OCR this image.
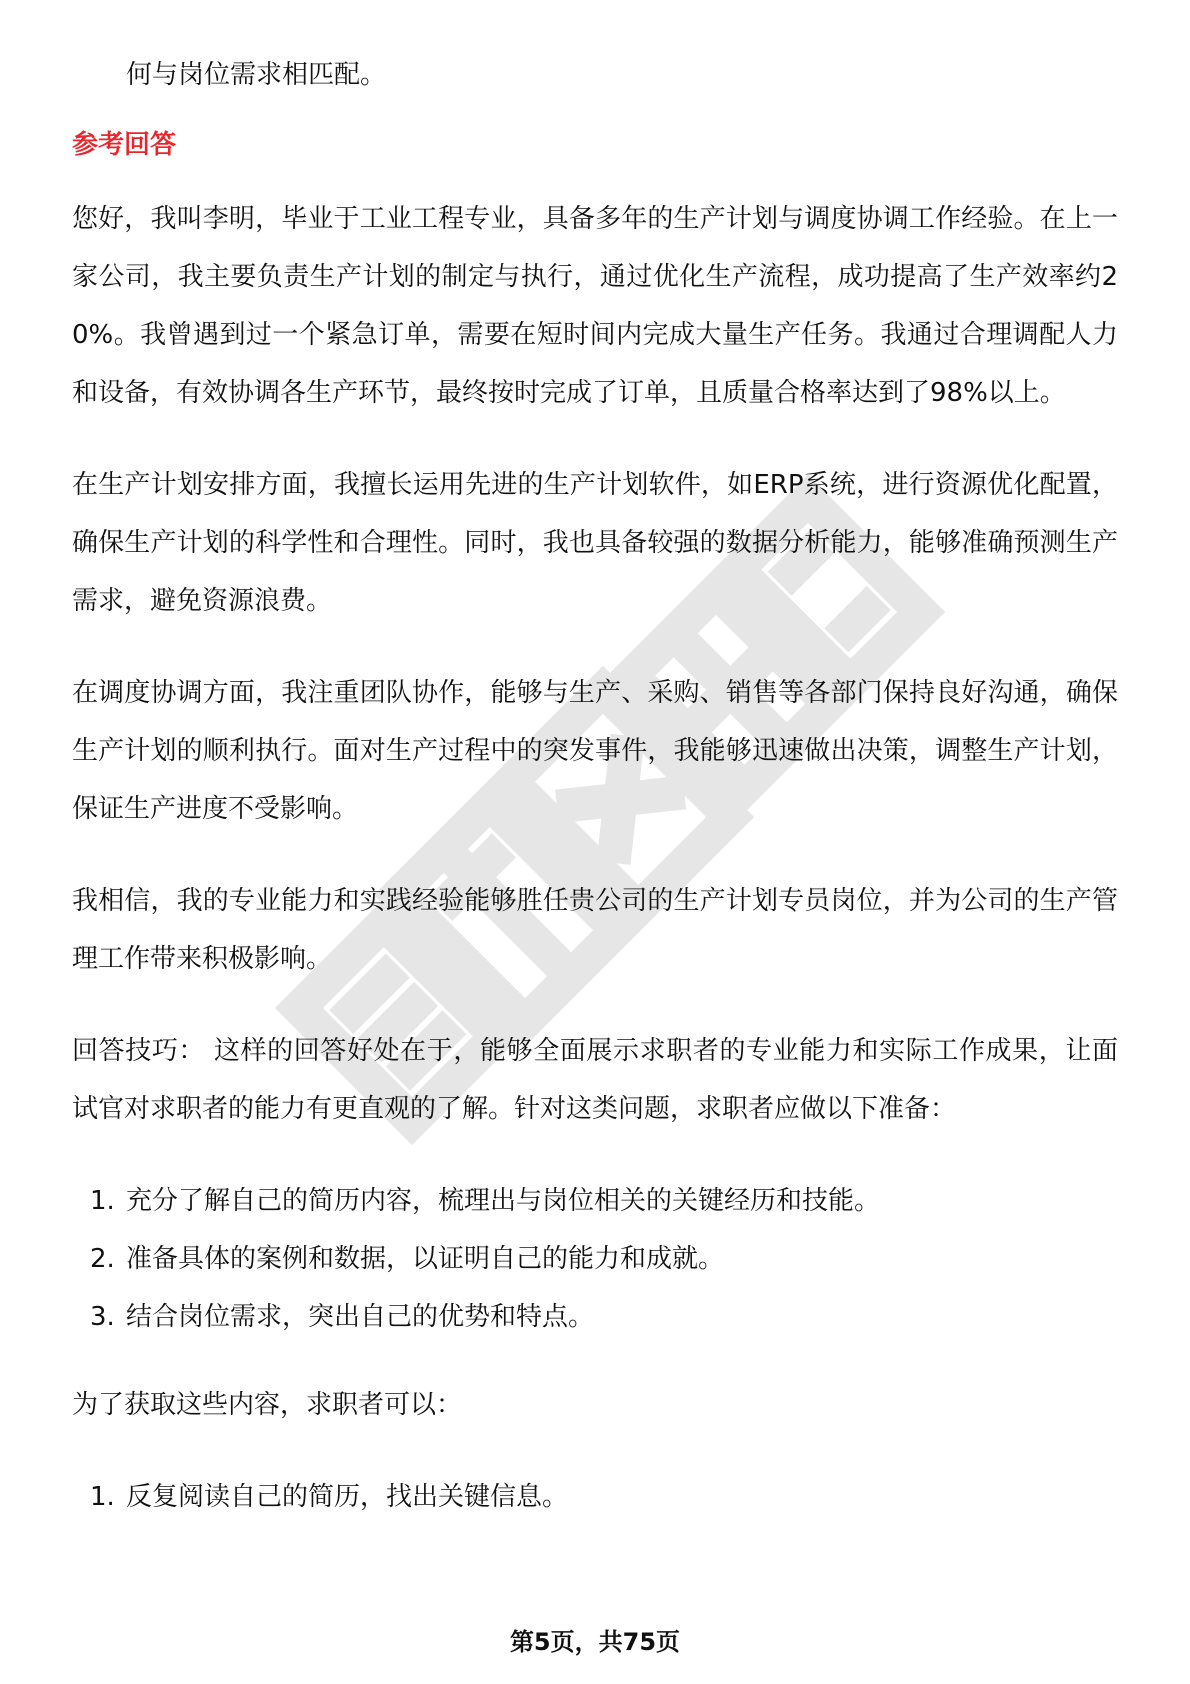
何与岗位需求相匹配。
参考回答

您好，我叫李明，毕业于工业工程专业，具备多年的生产计划与调度协调工作经验。在上一家公司，我主要负责生产计划的制定与执行，通过优化生产流程，成功提高了生产效率约20%。我曾遇到过一个紧急订单，需要在短时间内完成大量生产任务。我通过合理调配人力和设备，有效协调各生产环节，最终按时完成了订单，且质量合格率达到了98%以上。

在生产计划安排方面，我擅长运用先进的生产计划软件，如ERP系统，进行资源优化配置，确保生产计划的科学性和合理性。同时，我也具备较强的数据分析能力，能够准确预测生产需求，避免资源浪费。

在调度协调方面，我注重团队协作，能够与生产、采购、销售等各部门保持良好沟通，确保生产计划的顺利执行。面对生产过程中的突发事件，我能够迅速做出决策，调整生产计划，保证生产进度不受影响。

我相信，我的专业能力和实践经验能够胜任贵公司的生产计划专员岗位，并为公司的生产管理工作带来积极影响。

回答技巧： 这样的回答好处在于，能够全面展示求职者的专业能力和实际工作成果，让面试官对求职者的能力有更直观的了解。针对这类问题，求职者应做以下准备：

1. 充分了解自己的简历内容，梳理出与岗位相关的关键经历和技能。
2. 准备具体的案例和数据，以证明自己的能力和成就。
3. 结合岗位需求，突出自己的优势和特点。

为了获取这些内容，求职者可以：

1. 反复阅读自己的简历，找出关键信息。
第5页，共75页
